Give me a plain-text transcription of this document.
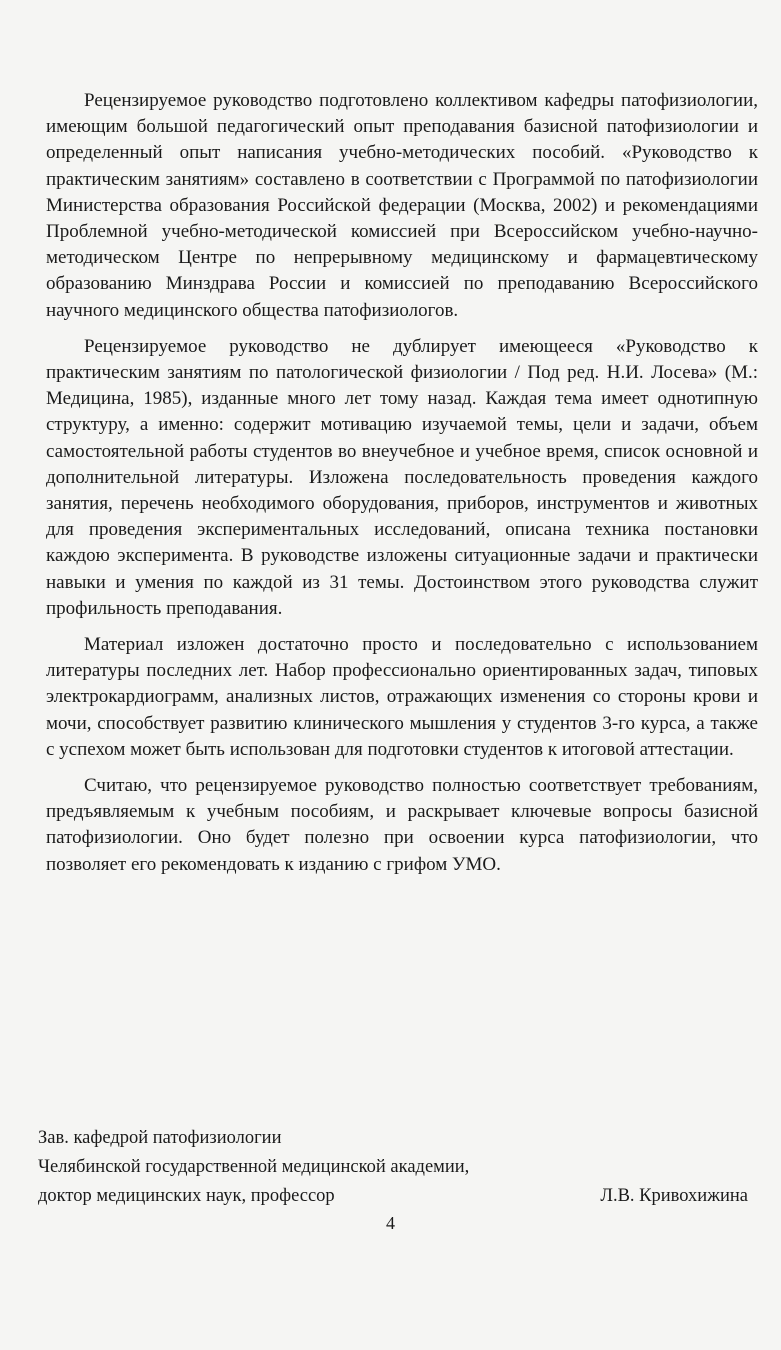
Рецензируемое руководство подготовлено коллективом кафедры патофизиологии, имеющим большой педагогический опыт преподавания базисной патофизиологии и определенный опыт написания учебно-методических пособий. «Руководство к практическим занятиям» составлено в соответствии с Программой по патофизиологии Министерства образования Российской федерации (Москва, 2002) и рекомендациями Проблемной учебно-методической комиссией при Всероссийском учебно-научно-методическом Центре по непрерывному медицинскому и фармацевтическому образованию Минздрава России и комиссией по преподаванию Всероссийского научного медицинского общества патофизиологов.

Рецензируемое руководство не дублирует имеющееся «Руководство к практическим занятиям по патологической физиологии / Под ред. Н.И. Лосева» (М.: Медицина, 1985), изданные много лет тому назад. Каждая тема имеет однотипную структуру, а именно: содержит мотивацию изучаемой темы, цели и задачи, объем самостоятельной работы студентов во внеучебное и учебное время, список основной и дополнительной литературы. Изложена последовательность проведения каждого занятия, перечень необходимого оборудования, приборов, инструментов и животных для проведения экспериментальных исследований, описана техника постановки каждою эксперимента. В руководстве изложены ситуационные задачи и практически навыки и умения по каждой из 31 темы. Достоинством этого руководства служит профильность преподавания.

Материал изложен достаточно просто и последовательно с использованием литературы последних лет. Набор профессионально ориентированных задач, типовых электрокардиограмм, анализных листов, отражающих изменения со стороны крови и мочи, способствует развитию клинического мышления у студентов 3-го курса, а также с успехом может быть использован для подготовки студентов к итоговой аттестации.

Считаю, что рецензируемое руководство полностью соответствует требованиям, предъявляемым к учебным пособиям, и раскрывает ключевые вопросы базисной патофизиологии. Оно будет полезно при освоении курса патофизиологии, что позволяет его рекомендовать к изданию с грифом УМО.

Зав. кафедрой патофизиологии
Челябинской государственной медицинской академии,
доктор медицинских наук, профессор	Л.В. Кривохижина
4
